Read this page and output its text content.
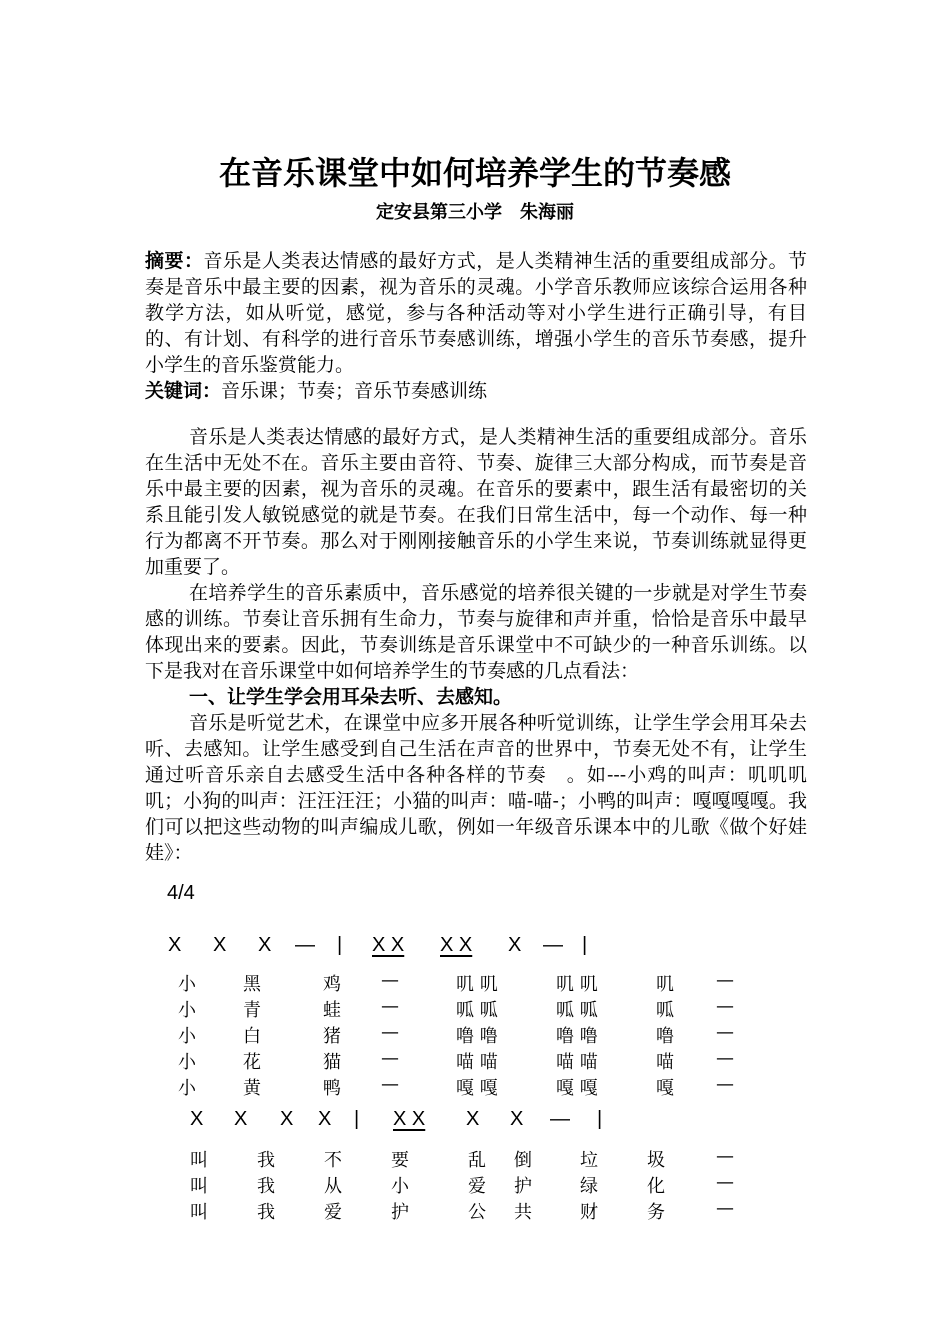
在音乐课堂中如何培养学生的节奏感
定安县第三小学　朱海丽

摘要：音乐是人类表达情感的最好方式，是人类精神生活的重要组成部分。节奏是音乐中最主要的因素，视为音乐的灵魂。小学音乐教师应该综合运用各种教学方法，如从听觉，感觉，参与各种活动等对小学生进行正确引导，有目的、有计划、有科学的进行音乐节奏感训练，增强小学生的音乐节奏感，提升小学生的音乐鉴赏能力。

关键词：音乐课；节奏；音乐节奏感训练

音乐是人类表达情感的最好方式，是人类精神生活的重要组成部分。音乐在生活中无处不在。音乐主要由音符、节奏、旋律三大部分构成，而节奏是音乐中最主要的因素，视为音乐的灵魂。在音乐的要素中，跟生活有最密切的关系且能引发人敏锐感觉的就是节奏。在我们日常生活中，每一个动作、每一种行为都离不开节奏。那么对于刚刚接触音乐的小学生来说，节奏训练就显得更加重要了。

在培养学生的音乐素质中，音乐感觉的培养很关键的一步就是对学生节奏感的训练。节奏让音乐拥有生命力，节奏与旋律和声并重，恰恰是音乐中最早体现出来的要素。因此，节奏训练是音乐课堂中不可缺少的一种音乐训练。以下是我对在音乐课堂中如何培养学生的节奏感的几点看法：

一、让学生学会用耳朵去听、去感知。

音乐是听觉艺术，在课堂中应多开展各种听觉训练，让学生学会用耳朵去听、去感知。让学生感受到自己生活在声音的世界中，节奏无处不有，让学生通过听音乐亲自去感受生活中各种各样的节奏　。如---小鸡的叫声：叽叽叽叽；小狗的叫声：汪汪汪汪；小猫的叫声：喵-喵-；小鸭的叫声：嘎嘎嘎嘎。我们可以把这些动物的叫声编成儿歌，例如一年级音乐课本中的儿歌《做个好娃娃》：

4/4
X X X — | X X X X X — |
小	黑	鸡 —	叽 叽	叽 叽	叽 —
小	青	蛙 —	呱 呱	呱 呱	呱 —
小	白	猪 —	噜 噜	噜 噜	噜 —
小	花	猫 —	喵 喵	喵 喵	喵 —
小	黄	鸭 —	嘎 嘎	嘎 嘎	嘎 —
X X X X | X X X X — |
叫	我	不	要	乱 倒	垃	圾	—
叫	我	从	小	爱 护	绿	化	—
叫	我	爱	护	公 共	财	务	—
